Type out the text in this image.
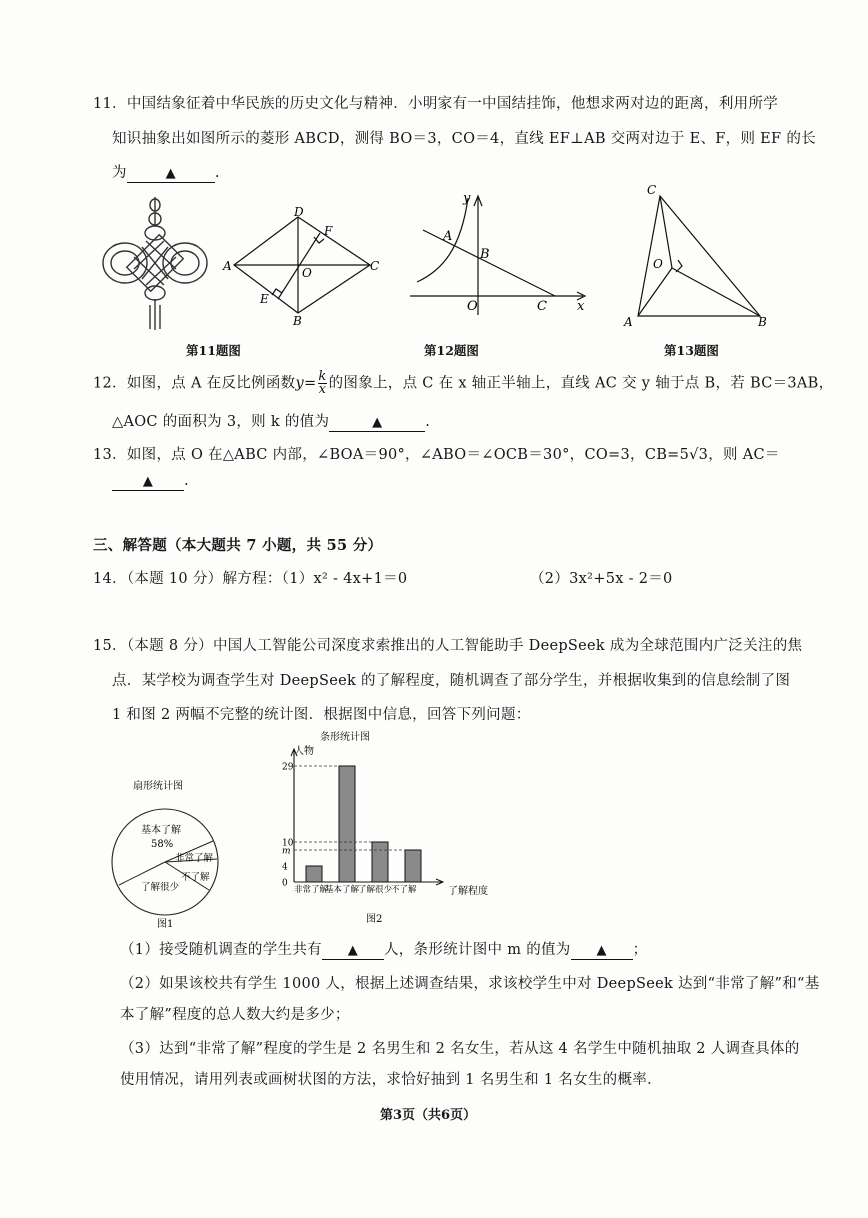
11．中国结象征着中华民族的历史文化与精神．小明家有一中国结挂饰，他想求两对边的距离，利用所学
知识抽象出如图所示的菱形 ABCD，测得 BO＝3，CO＝4，直线 EF⊥AB 交两对边于 E、F，则 EF 的长
为	▲	.
A
D
C
B
F
E
O
y
x
A
B
C
O
C
A	B
O
第11题图	第12题图	第13题图
12．如图，点 A 在反比例函数$y= \frac{k}{x}$ 的图象上，点 C 在 x 轴正半轴上，直线 AC 交 y 轴于点 B，若 BC＝3AB，
△AOC 的面积为 3，则 k 的值为	▲	.
13．如图，点 O 在△ABC 内部，∠BOA＝90°，∠ABO＝∠OCB＝30°，CO=3，CB=5√3，则 AC＝
▲ .
三、解答题（本大题共 7 小题，共 55 分）
14．（本题 10 分）解方程：（1）x² - 4x+1＝0	（2）3x²+5x - 2＝0
15．（本题 8 分）中国人工智能公司深度求索推出的人工智能助手 DeepSeek 成为全球范围内广泛关注的焦
点．某学校为调查学生对 DeepSeek 的了解程度，随机调查了部分学生，并根据收集到的信息绘制了图
1 和图 2 两幅不完整的统计图．根据图中信息，回答下列问题：
扇形统计图
基本了解
58%
非常了解
不了解
了解很少
图1
条形统计图
人物
了解程度
图2
0
4
m
10
29
非常了解
基本了解
了解很少
不了解
（1）接受随机调查的学生共有 ▲ 人，条形统计图中 m 的值为 ▲ ；
（2）如果该校共有学生 1000 人，根据上述调查结果，求该校学生中对 DeepSeek 达到“非常了解”和“基
本了解”程度的总人数大约是多少；
（3）达到“非常了解”程度的学生是 2 名男生和 2 名女生，若从这 4 名学生中随机抽取 2 人调查具体的
使用情况，请用列表或画树状图的方法，求恰好抽到 1 名男生和 1 名女生的概率．
第3页（共6页）
